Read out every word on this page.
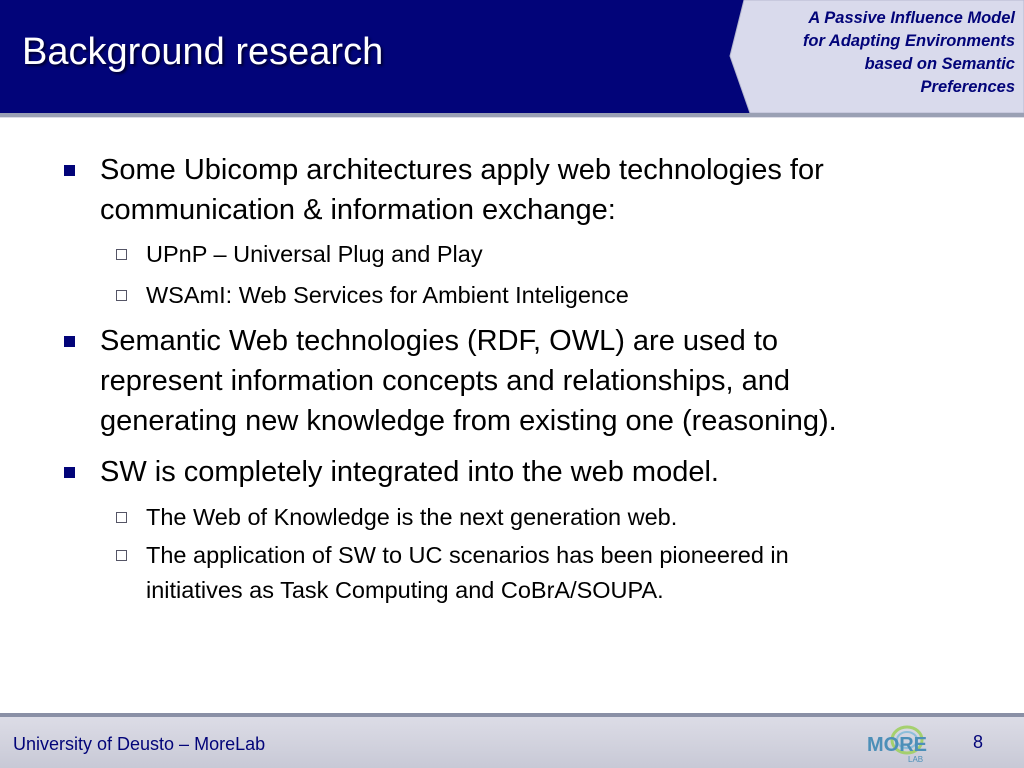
Background research
A Passive Influence Model
for Adapting Environments
based on Semantic
Preferences
Some Ubicomp architectures apply web technologies for
communication & information exchange:
UPnP – Universal Plug and Play
WSAmI: Web Services for Ambient Inteligence
Semantic Web technologies (RDF, OWL) are used to
represent information concepts and relationships, and
generating new knowledge from existing one (reasoning).
SW is completely integrated into the web model.
The Web of Knowledge is the next generation web.
The application of SW to UC scenarios has been pioneered in
initiatives as Task Computing and CoBrA/SOUPA.
University of Deusto – MoreLab	8
MORE
LAB
